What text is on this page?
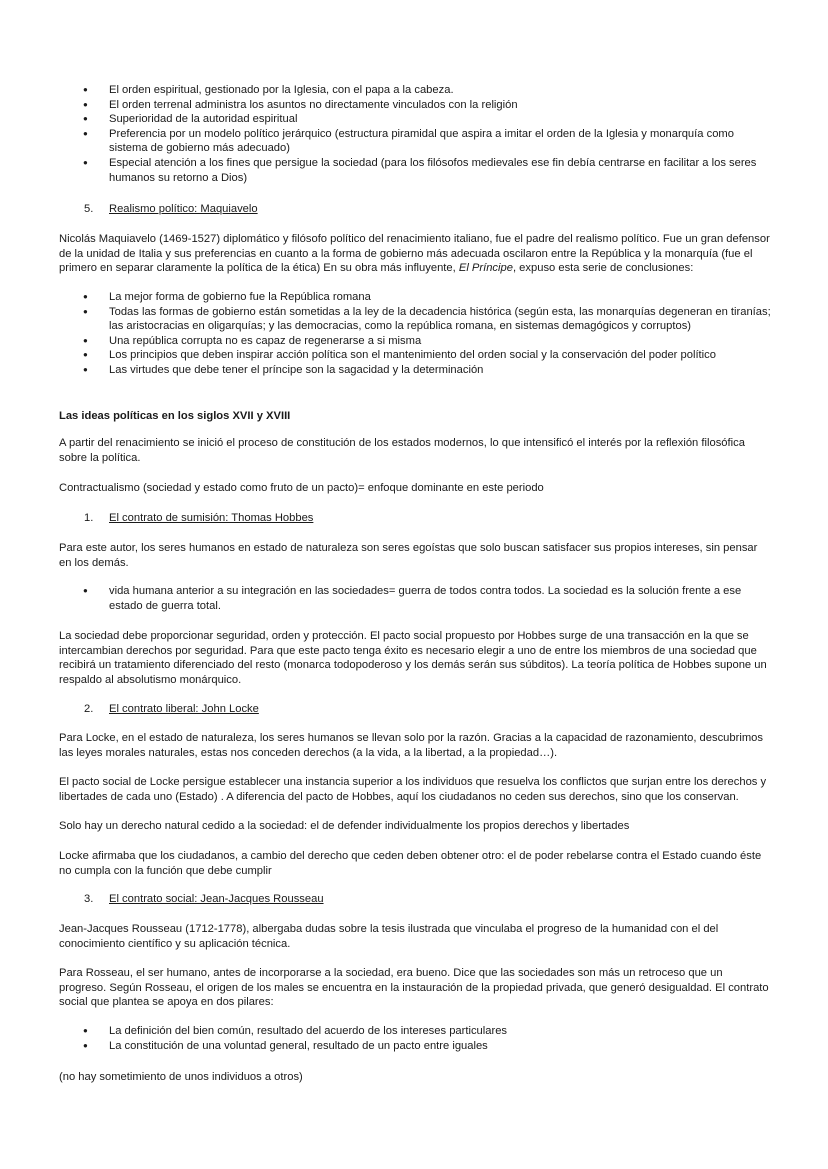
● El orden espiritual, gestionado por la Iglesia, con el papa a la cabeza.
● El orden terrenal administra los asuntos no directamente vinculados con la religión
● Superioridad de la autoridad espiritual
● Preferencia por un modelo político jerárquico (estructura piramidal que aspira a imitar el orden de la Iglesia y monarquía como sistema de gobierno más adecuado)
● Especial atención a los fines que persigue la sociedad (para los filósofos medievales ese fin debía centrarse en facilitar a los seres humanos su retorno a Dios)

5. Realismo político: Maquiavelo

Nicolás Maquiavelo (1469-1527) diplomático y filósofo político del renacimiento italiano, fue el padre del realismo político. Fue un gran defensor de la unidad de Italia y sus preferencias en cuanto a la forma de gobierno más adecuada oscilaron entre la República y la monarquía (fue el primero en separar claramente la política de la ética) En su obra más influyente, El Príncipe, expuso esta serie de conclusiones:

● La mejor forma de gobierno fue la República romana
● Todas las formas de gobierno están sometidas a la ley de la decadencia histórica (según esta, las monarquías degeneran en tiranías; las aristocracias en oligarquías; y las democracias, como la república romana, en sistemas demagógicos y corruptos)
● Una república corrupta no es capaz de regenerarse a si misma
● Los principios que deben inspirar acción política son el mantenimiento del orden social y la conservación del poder político
● Las virtudes que debe tener el príncipe son la sagacidad y la determinación

Las ideas políticas en los siglos XVII y XVIII

A partir del renacimiento se inició el proceso de constitución de los estados modernos, lo que intensificó el interés por la reflexión filosófica sobre la política.

Contractualismo (sociedad y estado como fruto de un pacto)= enfoque dominante en este periodo

1. El contrato de sumisión: Thomas Hobbes

Para este autor, los seres humanos en estado de naturaleza son seres egoístas que solo buscan satisfacer sus propios intereses, sin pensar en los demás.

● vida humana anterior a su integración en las sociedades= guerra de todos contra todos. La sociedad es la solución frente a ese estado de guerra total.

La sociedad debe proporcionar seguridad, orden y protección. El pacto social propuesto por Hobbes surge de una transacción en la que se intercambian derechos por seguridad. Para que este pacto tenga éxito es necesario elegir a uno de entre los miembros de una sociedad que recibirá un tratamiento diferenciado del resto (monarca todopoderoso y los demás serán sus súbditos). La teoría política de Hobbes supone un respaldo al absolutismo monárquico.

2. El contrato liberal: John Locke

Para Locke, en el estado de naturaleza, los seres humanos se llevan solo por la razón. Gracias a la capacidad de razonamiento, descubrimos las leyes morales naturales, estas nos conceden derechos (a la vida, a la libertad, a la propiedad…).

El pacto social de Locke persigue establecer una instancia superior a los individuos que resuelva los conflictos que surjan entre los derechos y libertades de cada uno (Estado) . A diferencia del pacto de Hobbes, aquí los ciudadanos no ceden sus derechos, sino que los conservan.

Solo hay un derecho natural cedido a la sociedad: el de defender individualmente los propios derechos y libertades

Locke afirmaba que los ciudadanos, a cambio del derecho que ceden deben obtener otro: el de poder rebelarse contra el Estado cuando éste no cumpla con la función que debe cumplir

3. El contrato social: Jean-Jacques Rousseau

Jean-Jacques Rousseau (1712-1778), albergaba dudas sobre la tesis ilustrada que vinculaba el progreso de la humanidad con el del conocimiento científico y su aplicación técnica.

Para Rosseau, el ser humano, antes de incorporarse a la sociedad, era bueno. Dice que las sociedades son más un retroceso que un progreso. Según Rosseau, el origen de los males se encuentra en la instauración de la propiedad privada, que generó desigualdad. El contrato social que plantea se apoya en dos pilares:

● La definición del bien común, resultado del acuerdo de los intereses particulares
● La constitución de una voluntad general, resultado de un pacto entre iguales

(no hay sometimiento de unos individuos a otros)
